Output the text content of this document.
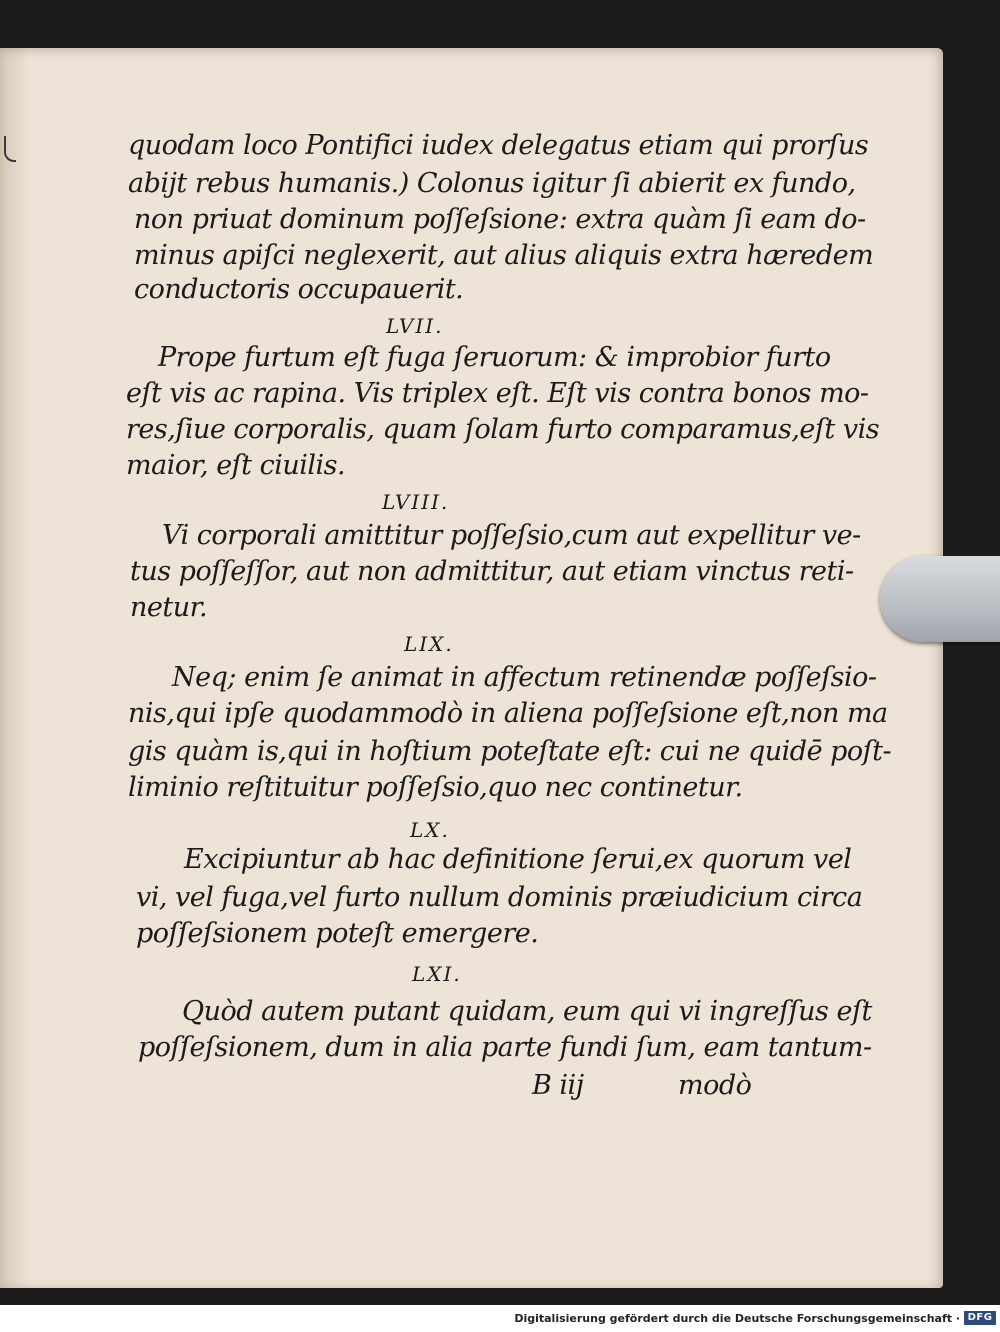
quodam loco Pontifici iudex delegatus etiam qui prorſus
abijt rebus humanis.) Colonus igitur ſi abierit ex fundo,
non priuat dominum poſſeſsione: extra quàm ſi eam do-
minus apiſci neglexerit, aut alius aliquis extra hæredem
conductoris occupauerit.
LVII.
Prope furtum eſt fuga ſeruorum: & improbior furto
eſt vis ac rapina. Vis triplex eſt. Eſt vis contra bonos mo-
res,ſiue corporalis, quam ſolam furto comparamus,eſt vis
maior, eſt ciuilis.
LVIII.
Vi corporali amittitur poſſeſsio,cum aut expellitur ve-
tus poſſeſſor, aut non admittitur, aut etiam vinctus reti-
netur.
LIX.
Neq; enim ſe animat in affectum retinendæ poſſeſsio-
nis,qui ipſe quodammodò in aliena poſſeſsione eſt,non ma
gis quàm is,qui in hoſtium poteſtate eſt: cui ne quidē poſt-
liminio reſtituitur poſſeſsio,quo nec continetur.
LX.
Excipiuntur ab hac definitione ſerui,ex quorum vel
vi, vel fuga,vel furto nullum dominis præiudicium circa
poſſeſsionem poteſt emergere.
LXI.
Quòd autem putant quidam, eum qui vi ingreſſus eſt
poſſeſsionem, dum in alia parte fundi ſum, eam tantum-
B iij	modò
Digitalisierung gefördert durch die Deutsche Forschungsgemeinschaft · DFG
